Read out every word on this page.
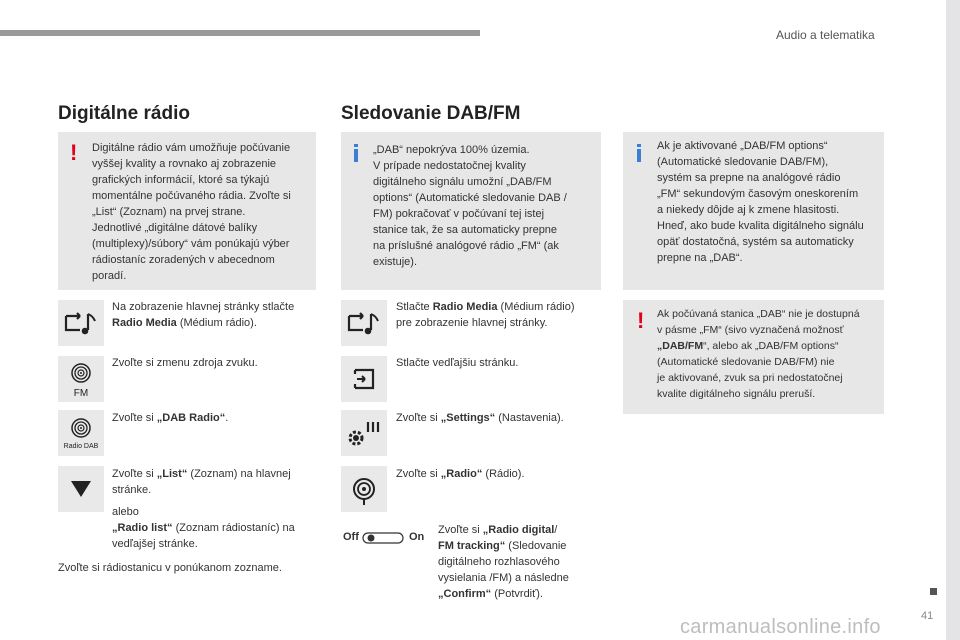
Audio a telematika
41
carmanualsonline.info
Digitálne rádio
! Digitálne rádio vám umožňuje počúvanie
vyššej kvality a rovnako aj zobrazenie
grafických informácií, ktoré sa týkajú
momentálne počúvaného rádia. Zvoľte si
„List“ (Zoznam) na prvej strane.
Jednotlivé „digitálne dátové balíky
(multiplexy)/súbory“ vám ponúkajú výber
rádiostaníc zoradených v abecednom
poradí.
Na zobrazenie hlavnej stránky stlačte
Radio Media (Médium rádio).
FM
Zvoľte si zmenu zdroja zvuku.
Radio DAB
Zvoľte si „DAB Radio“.
Zvoľte si „List“ (Zoznam) na hlavnej
stránke.
alebo
„Radio list“ (Zoznam rádiostaníc) na
vedľajšej stránke.
Zvoľte si rádiostanicu v ponúkanom zozname.
Sledovanie DAB/FM
„DAB“ nepokrýva 100% územia.
V prípade nedostatočnej kvality
digitálneho signálu umožní „DAB/FM
options“ (Automatické sledovanie DAB /
FM) pokračovať v počúvaní tej istej
stanice tak, že sa automaticky prepne
na príslušné analógové rádio „FM“ (ak
existuje).
Ak je aktivované „DAB/FM options“
(Automatické sledovanie DAB/FM),
systém sa prepne na analógové rádio
„FM“ sekundovým časovým oneskorením
a niekedy dôjde aj k zmene hlasitosti.
Hneď, ako bude kvalita digitálneho signálu
opäť dostatočná, systém sa automaticky
prepne na „DAB“.
! Ak počúvaná stanica „DAB“ nie je dostupná
v pásme „FM“ (sivo vyznačená možnosť
„DAB/FM“, alebo ak „DAB/FM options“
(Automatické sledovanie DAB/FM) nie
je aktivované, zvuk sa pri nedostatočnej
kvalite digitálneho signálu preruší.
Stlačte Radio Media (Médium rádio)
pre zobrazenie hlavnej stránky.
Stlačte vedľajšiu stránku.
Zvoľte si „Settings“ (Nastavenia).
Zvoľte si „Radio“ (Rádio).
Off	On
Zvoľte si „Radio digital/
FM tracking“ (Sledovanie
digitálneho rozhlasového
vysielania /FM) a následne
„Confirm“ (Potvrdiť).
